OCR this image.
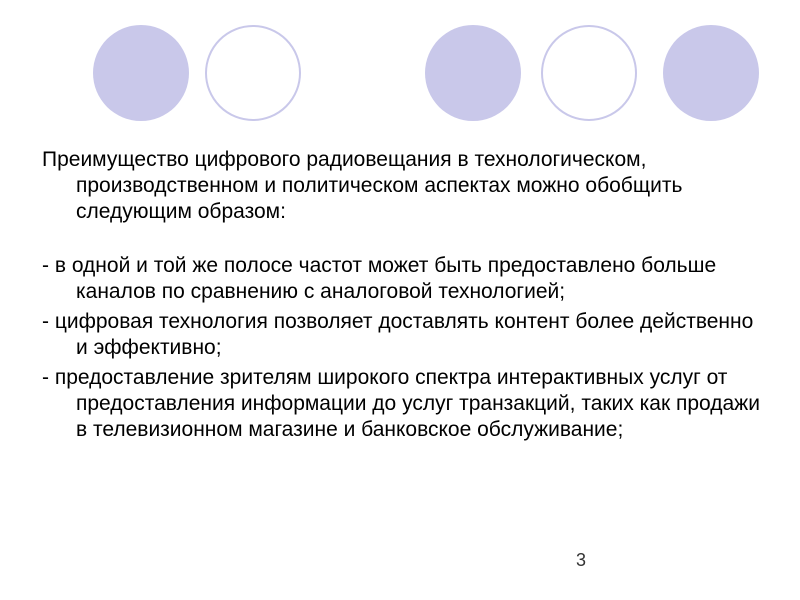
Преимущество цифрового радиовещания в технологическом, производственном и политическом аспектах можно обобщить следующим образом:

- в одной и той же полосе частот может быть предоставлено больше каналов по сравнению с аналоговой технологией;

- цифровая технология позволяет доставлять контент более действенно и эффективно;

- предоставление зрителям широкого спектра интерактивных услуг от предоставления информации до услуг транзакций, таких как продажи в телевизионном магазине и банковское обслуживание;

3
